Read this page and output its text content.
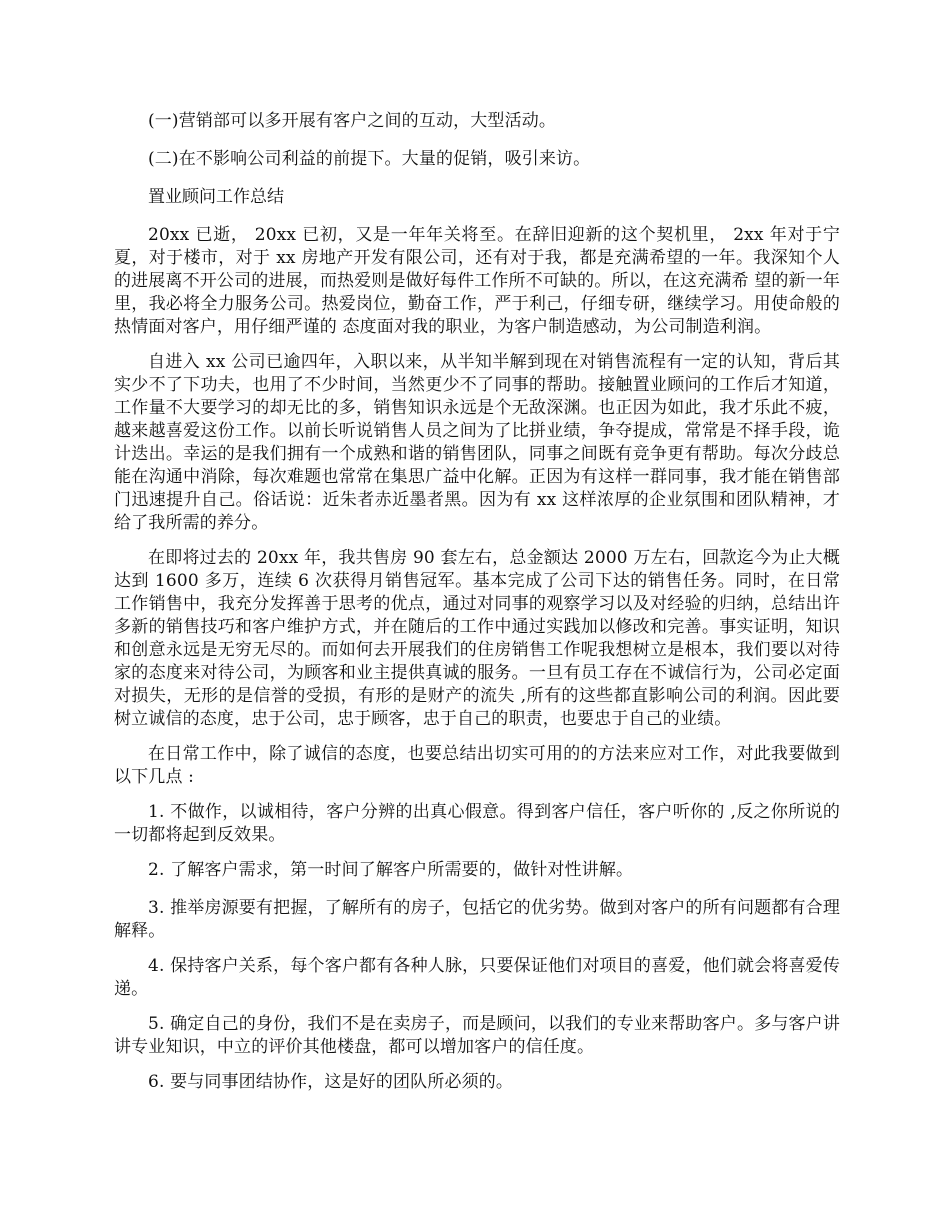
(一)营销部可以多开展有客户之间的互动，大型活动。

(二)在不影响公司利益的前提下。大量的促销，吸引来访。

置业顾问工作总结

20xx 已逝， 20xx 已初，又是一年年关将至。在辞旧迎新的这个契机里， 2xx 年对于宁夏，对于楼市，对于 xx 房地产开发有限公司，还有对于我，都是充满希望的一年。我深知个人的进展离不开公司的进展，而热爱则是做好每件工作所不可缺的。所以，在这充满希 望的新一年里，我必将全力服务公司。热爱岗位，勤奋工作，严于利己，仔细专研，继续学习。用使命般的热情面对客户，用仔细严谨的 态度面对我的职业，为客户制造感动，为公司制造利润。

自进入 xx 公司已逾四年，入职以来，从半知半解到现在对销售流程有一定的认知，背后其实少不了下功夫，也用了不少时间，当然更少不了同事的帮助。接触置业顾问的工作后才知道，工作量不大要学习的却无比的多，销售知识永远是个无敌深渊。也正因为如此，我才乐此不疲，越来越喜爱这份工作。以前长听说销售人员之间为了比拼业绩，争夺提成，常常是不择手段，诡计迭出。幸运的是我们拥有一个成熟和谐的销售团队，同事之间既有竞争更有帮助。每次分歧总能在沟通中消除，每次难题也常常在集思广益中化解。正因为有这样一群同事，我才能在销售部门迅速提升自己。俗话说：近朱者赤近墨者黑。因为有 xx 这样浓厚的企业氛围和团队精神，才给了我所需的养分。

在即将过去的 20xx 年，我共售房 90 套左右，总金额达 2000 万左右，回款迄今为止大概达到 1600 多万，连续 6 次获得月销售冠军。基本完成了公司下达的销售任务。同时，在日常工作销售中，我充分发挥善于思考的优点，通过对同事的观察学习以及对经验的归纳，总结出许多新的销售技巧和客户维护方式，并在随后的工作中通过实践加以修改和完善。事实证明，知识和创意永远是无穷无尽的。而如何去开展我们的住房销售工作呢我想树立是根本，我们要以对待家的态度来对待公司，为顾客和业主提供真诚的服务。一旦有员工存在不诚信行为，公司必定面对损失，无形的是信誉的受损，有形的是财产的流失 ,所有的这些都直影响公司的利润。因此要树立诚信的态度，忠于公司，忠于顾客，忠于自己的职责，也要忠于自己的业绩。

在日常工作中，除了诚信的态度，也要总结出切实可用的的方法来应对工作，对此我要做到以下几点 :

1. 不做作，以诚相待，客户分辨的出真心假意。得到客户信任，客户听你的 ,反之你所说的一切都将起到反效果。

2. 了解客户需求，第一时间了解客户所需要的，做针对性讲解。

3. 推举房源要有把握，了解所有的房子，包括它的优劣势。做到对客户的所有问题都有合理解释。

4. 保持客户关系，每个客户都有各种人脉，只要保证他们对项目的喜爱，他们就会将喜爱传递。

5. 确定自己的身份，我们不是在卖房子，而是顾问，以我们的专业来帮助客户。多与客户讲讲专业知识，中立的评价其他楼盘，都可以增加客户的信任度。

6. 要与同事团结协作，这是好的团队所必须的。
